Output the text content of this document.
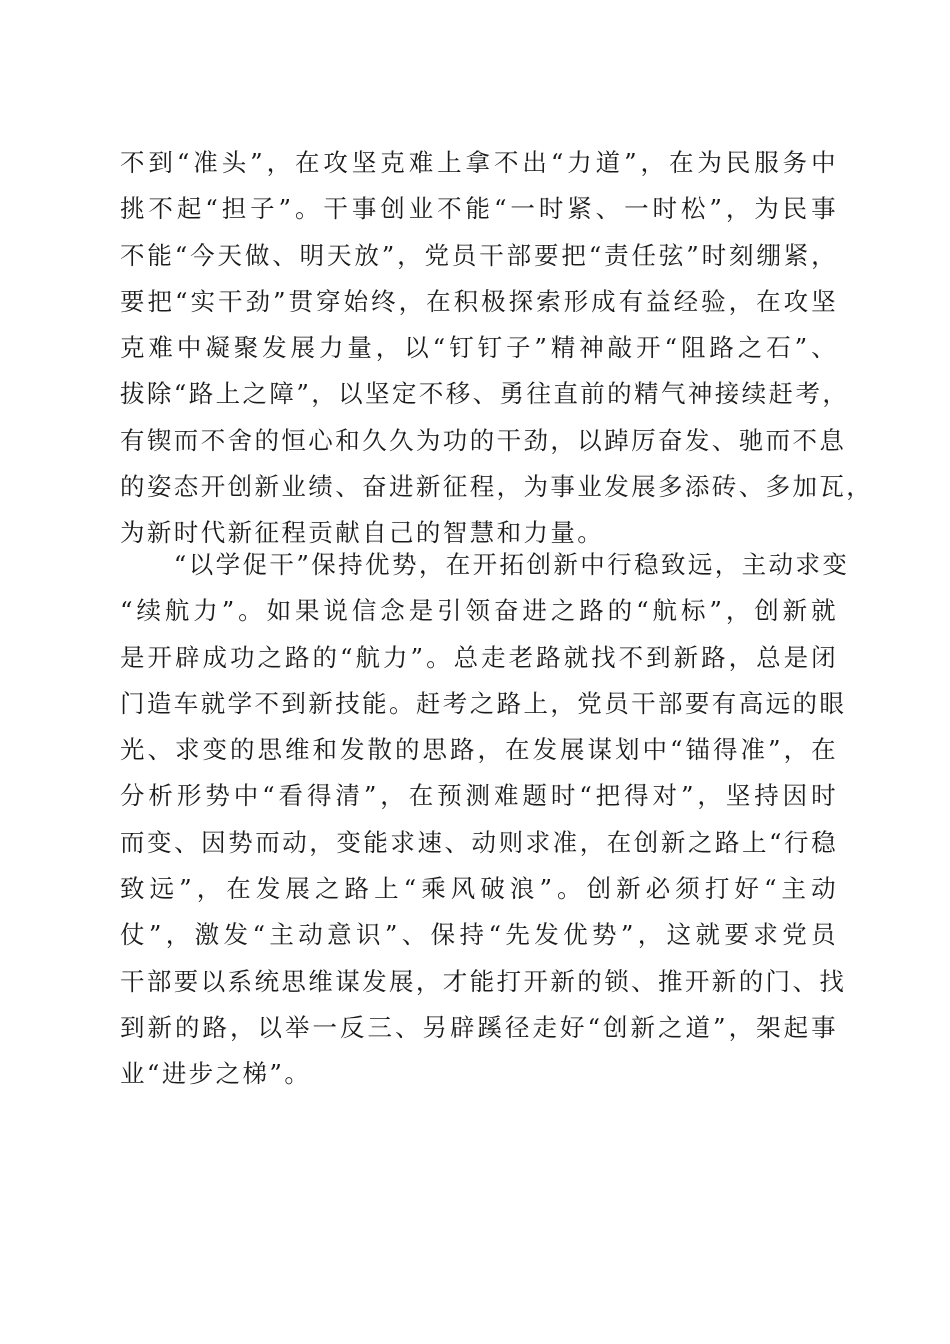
不到“准头”，在攻坚克难上拿不出“力道”，在为民服务中
挑不起“担子”。干事创业不能“一时紧、一时松”，为民事
不能“今天做、明天放”，党员干部要把“责任弦”时刻绷紧，
要把“实干劲”贯穿始终，在积极探索形成有益经验，在攻坚
克难中凝聚发展力量，以“钉钉子”精神敲开“阻路之石”、
拔除“路上之障”，以坚定不移、勇往直前的精气神接续赶考，
有锲而不舍的恒心和久久为功的干劲，以踔厉奋发、驰而不息
的姿态开创新业绩、奋进新征程，为事业发展多添砖、多加瓦，
为新时代新征程贡献自己的智慧和力量。
　　“以学促干”保持优势，在开拓创新中行稳致远，主动求变
“续航力”。如果说信念是引领奋进之路的“航标”，创新就
是开辟成功之路的“航力”。总走老路就找不到新路，总是闭
门造车就学不到新技能。赶考之路上，党员干部要有高远的眼
光、求变的思维和发散的思路，在发展谋划中“锚得准”，在
分析形势中“看得清”，在预测难题时“把得对”，坚持因时
而变、因势而动，变能求速、动则求准，在创新之路上“行稳
致远”，在发展之路上“乘风破浪”。创新必须打好“主动
仗”，激发“主动意识”、保持“先发优势”，这就要求党员
干部要以系统思维谋发展，才能打开新的锁、推开新的门、找
到新的路，以举一反三、另辟蹊径走好“创新之道”，架起事
业“进步之梯”。
